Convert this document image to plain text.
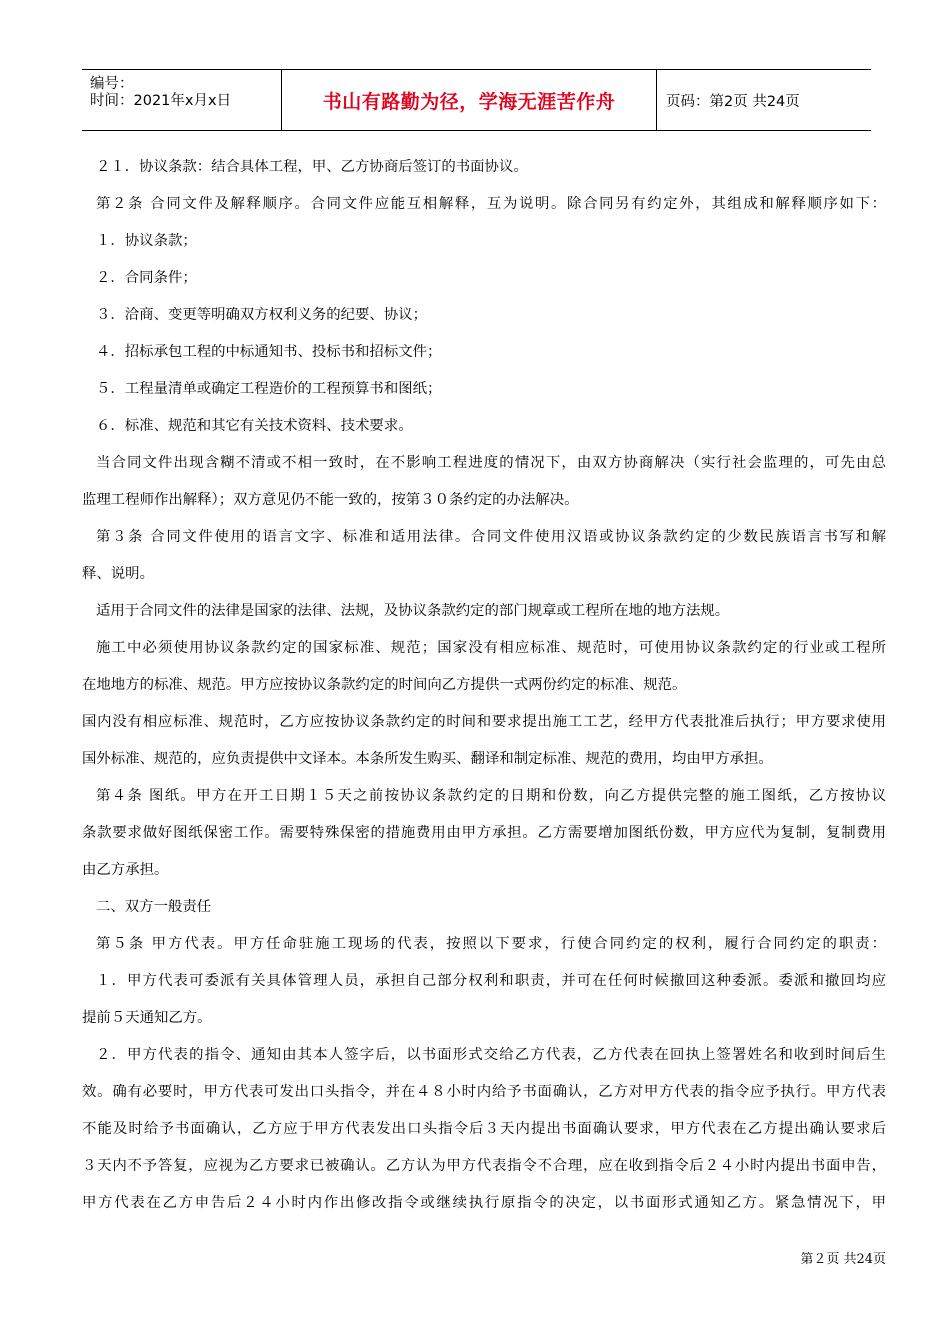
编号：
时间：2021年x月x日	书山有路勤为径，学海无涯苦作舟	页码：第2页 共24页
２１．协议条款：结合具体工程，甲、乙方协商后签订的书面协议。
第２条 合同文件及解释顺序。合同文件应能互相解释，互为说明。除合同另有约定外，其组成和解释顺序如下：
１．协议条款；
２．合同条件；
３．洽商、变更等明确双方权利义务的纪要、协议；
４．招标承包工程的中标通知书、投标书和招标文件；
５．工程量清单或确定工程造价的工程预算书和图纸；
６．标准、规范和其它有关技术资料、技术要求。
当合同文件出现含糊不清或不相一致时，在不影响工程进度的情况下，由双方协商解决（实行社会监理的，可先由总
监理工程师作出解释）；双方意见仍不能一致的，按第３０条约定的办法解决。
第３条 合同文件使用的语言文字、标准和适用法律。合同文件使用汉语或协议条款约定的少数民族语言书写和解
释、说明。
适用于合同文件的法律是国家的法律、法规，及协议条款约定的部门规章或工程所在地的地方法规。
施工中必须使用协议条款约定的国家标准、规范；国家没有相应标准、规范时，可使用协议条款约定的行业或工程所
在地地方的标准、规范。甲方应按协议条款约定的时间向乙方提供一式两份约定的标准、规范。
国内没有相应标准、规范时，乙方应按协议条款约定的时间和要求提出施工工艺，经甲方代表批准后执行；甲方要求使用
国外标准、规范的，应负责提供中文译本。本条所发生购买、翻译和制定标准、规范的费用，均由甲方承担。
第４条 图纸。甲方在开工日期１５天之前按协议条款约定的日期和份数，向乙方提供完整的施工图纸，乙方按协议
条款要求做好图纸保密工作。需要特殊保密的措施费用由甲方承担。乙方需要增加图纸份数，甲方应代为复制，复制费用
由乙方承担。
二、双方一般责任
第５条 甲方代表。甲方任命驻施工现场的代表，按照以下要求，行使合同约定的权利，履行合同约定的职责：
１．甲方代表可委派有关具体管理人员，承担自己部分权利和职责，并可在任何时候撤回这种委派。委派和撤回均应
提前５天通知乙方。
２．甲方代表的指令、通知由其本人签字后，以书面形式交给乙方代表，乙方代表在回执上签署姓名和收到时间后生
效。确有必要时，甲方代表可发出口头指令，并在４８小时内给予书面确认，乙方对甲方代表的指令应予执行。甲方代表
不能及时给予书面确认，乙方应于甲方代表发出口头指令后３天内提出书面确认要求，甲方代表在乙方提出确认要求后
３天内不予答复，应视为乙方要求已被确认。乙方认为甲方代表指令不合理，应在收到指令后２４小时内提出书面申告，
甲方代表在乙方申告后２４小时内作出修改指令或继续执行原指令的决定，以书面形式通知乙方。紧急情况下，甲
第２页 共24页
